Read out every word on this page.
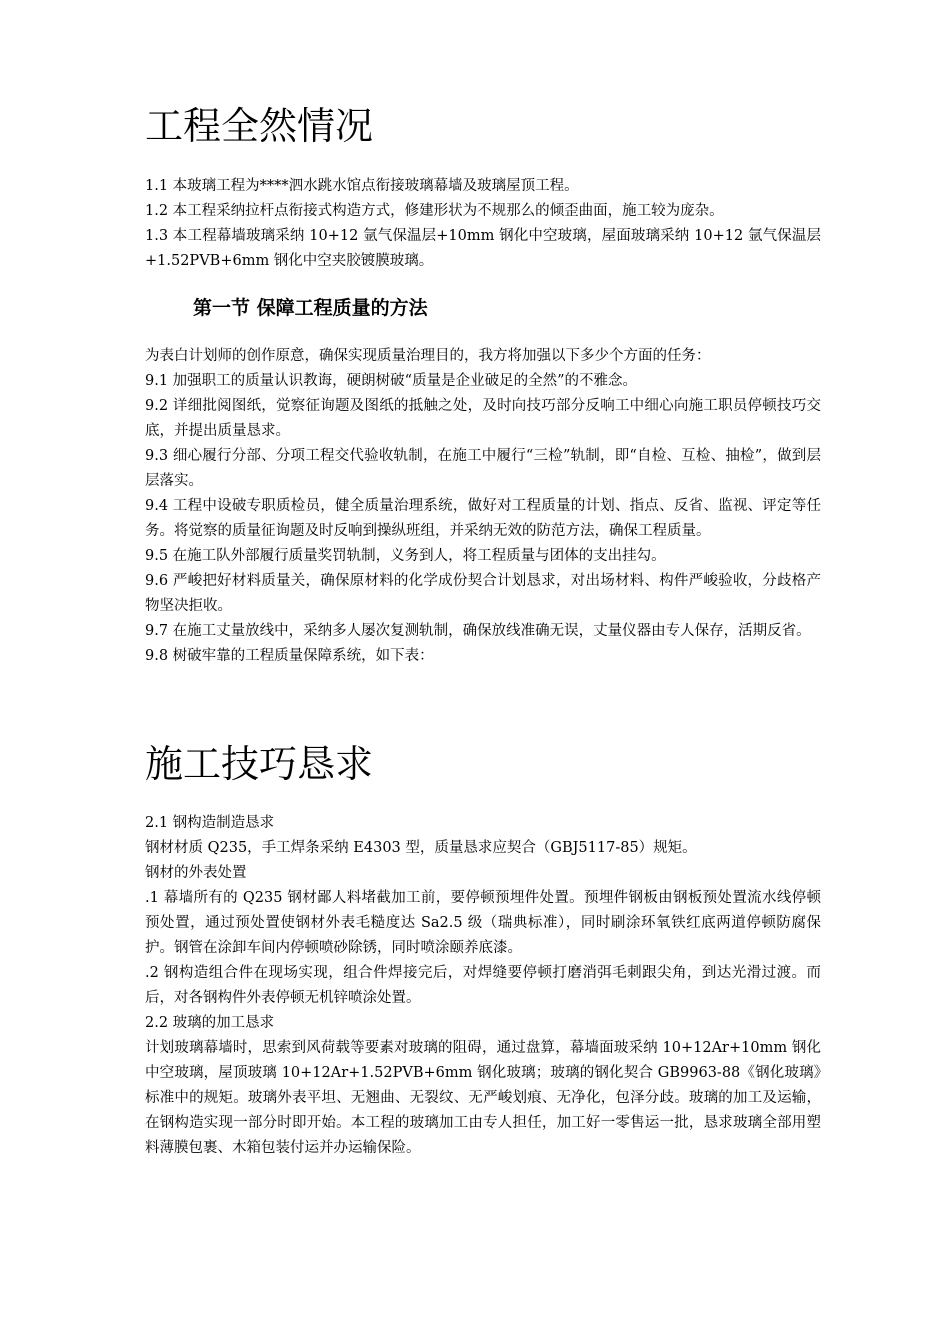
工程全然情况

1.1 本玻璃工程为****泗水跳水馆点衔接玻璃幕墙及玻璃屋顶工程。

1.2 本工程采纳拉杆点衔接式构造方式，修建形状为不规那么的倾歪曲面，施工较为庞杂。

1.3 本工程幕墙玻璃采纳 10+12 氩气保温层+10mm 钢化中空玻璃，屋面玻璃采纳 10+12 氩气保温层+1.52PVB+6mm 钢化中空夹胶镀膜玻璃。

第一节 保障工程质量的方法

为表白计划师的创作原意，确保实现质量治理目的，我方将加强以下多少个方面的任务：

9.1 加强职工的质量认识教诲，硬朗树破“质量是企业破足的全然”的不雅念。

9.2 详细批阅图纸，觉察征询题及图纸的抵触之处，及时向技巧部分反响工中细心向施工职员停顿技巧交底，并提出质量恳求。

9.3 细心履行分部、分项工程交代验收轨制，在施工中履行“三检”轨制，即“自检、互检、抽检”，做到层层落实。

9.4 工程中设破专职质检员，健全质量治理系统，做好对工程质量的计划、指点、反省、监视、评定等任务。将觉察的质量征询题及时反响到操纵班组，并采纳无效的防范方法，确保工程质量。

9.5 在施工队外部履行质量奖罚轨制，义务到人，将工程质量与团体的支出挂勾。

9.6 严峻把好材料质量关，确保原材料的化学成份契合计划恳求，对出场材料、构件严峻验收，分歧格产物坚决拒收。

9.7 在施工丈量放线中，采纳多人屡次复测轨制，确保放线准确无误，丈量仪器由专人保存，活期反省。

9.8 树破牢靠的工程质量保障系统，如下表：

施工技巧恳求

2.1 钢构造制造恳求

钢材材质 Q235，手工焊条采纳 E4303 型，质量恳求应契合（GBJ5117-85）规矩。

钢材的外表处置

.1 幕墙所有的 Q235 钢材鄙人料堵截加工前，要停顿预埋件处置。预埋件钢板由钢板预处置流水线停顿预处置，通过预处置使钢材外表毛糙度达 Sa2.5 级（瑞典标准），同时刷涂环氧铁红底两道停顿防腐保护。钢管在涂卸车间内停顿喷砂除锈，同时喷涂颐养底漆。

.2 钢构造组合件在现场实现，组合件焊接完后，对焊缝要停顿打磨消弭毛刺跟尖角，到达光滑过渡。而后，对各钢构件外表停顿无机锌喷涂处置。

2.2 玻璃的加工恳求

计划玻璃幕墙时，思索到风荷载等要素对玻璃的阻碍，通过盘算，幕墙面玻采纳 10+12Ar+10mm 钢化中空玻璃，屋顶玻璃 10+12Ar+1.52PVB+6mm 钢化玻璃；玻璃的钢化契合 GB9963-88《钢化玻璃》标准中的规矩。玻璃外表平坦、无翘曲、无裂纹、无严峻划痕、无净化，包泽分歧。玻璃的加工及运输，在钢构造实现一部分时即开始。本工程的玻璃加工由专人担任，加工好一零售运一批，恳求玻璃全部用塑料薄膜包裹、木箱包装付运并办运输保险。
